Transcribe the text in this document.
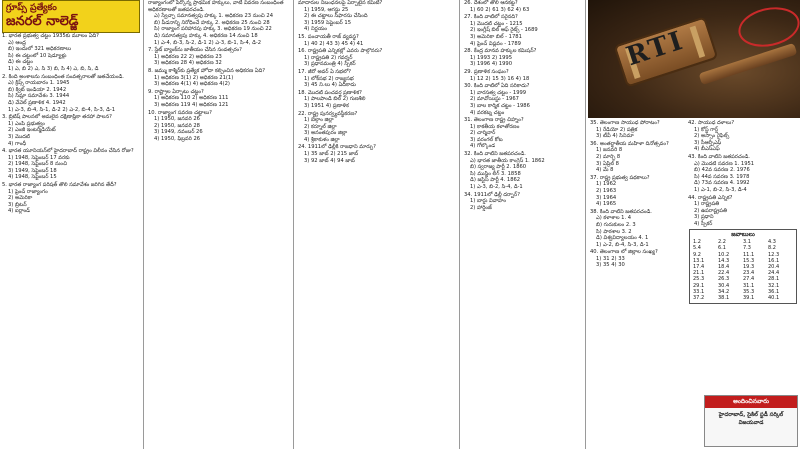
గ్రూప్స్ ప్రత్యేకం
జనరల్ నాలెడ్జ్
1. భారత ప్రభుత్వ చట్టం 1935కు మూలం ఏది?
ఎ) ఆంధ్ర
బి) ఇందులో 321 అధికరణాలు
సి) ఈ చట్టంలో 10 షెడ్యూళ్లు
డి) ఈ చట్టం
1) ఎ, బి 2) ఎ, సి 3) బి, సి 4) ఎ, బి, సి, డి
2. కింది అంశాలను సంబంధింత సంవత్సరాలతో జతచేయండి.
ఎ) క్రిప్స్ రాయబారం 1. 1945
బి) క్విట్ ఇండియా 2. 1942
సి) సిమ్లా సమావేశం 3. 1944
డి) వేవెల్ ప్రణాళిక 4. 1942
1) ఎ-3, బి-4, సి-1, డి-2 2) ఎ-2, బి-4, సి-3, డి-1
3. బ్రిటిష్ పాలనలో అమలైన దక్షిణాఫ్రికా తరహా పాలన?
1) ఎంపి ప్రభుత్వం
2) ఎంజీ ఇంటర్మీడియేట్
3) మొదటి
4) గాంధీ
4. భారత యూనియన్‌లో హైదరాబాద్ రాష్ట్రం విలీనం చేసిన రోజు?
1) 1948, సెప్టెంబర్ 17 వరకు
2) 1948, సెప్టెంబర్ 8 నుంచి
3) 1949, సెప్టెంబర్ 18
4) 1948, సెప్టెంబర్ 15
5. భారత రాజ్యాంగ పరిషత్ తొలి సమావేశం జరిగిన తేదీ?
1) ఫ్రెంచ్ రాజ్యాంగం
2) అమెరికా
3) బ్రిటన్
4) ఐర్లాండ్
రాజ్యాంగంలో పేర్కొన్న ప్రాథమిక హక్కులు, వాటి వివరణ సంబంధింత అధికరణాలతో జతపరచండి.
ఎ) స్వేచ్ఛా సమానత్వపు హక్కు 1. అధికరణ 23 నుంచి 24
బి) పీడనాన్ని నిరోధించే హక్కు 2. అధికరణ 25 నుంచి 28
సి) రాజ్యాంగ పరిహారపు హక్కు 3. అధికరణ 19 నుంచి 22
డి) సమానత్వపు హక్కు 4. అధికరణ 14 నుంచి 18
1) ఎ-4, బి-3, సి-2, డి-1 2) ఎ-3, బి-1, సి-4, డి-2
7. స్టేట్ బ్యాంక్‌ను జాతీయం చేసిన సంవత్సరం?
1) అధికరణ 22 2) అధికరణ 23
3) అధికరణ 28 4) అధికరణ 32
8. జమ్ము కాశ్మీర్‌కు ప్రత్యేక హోదా కల్పించిన అధికరణ ఏది?
1) అధికరణ 3(1) 2) అధికరణ 21(1)
3) అధికరణ 4(1) 4) అధికరణ 4(2)
9. రాష్ట్రాల ఏర్పాటు చట్టం?
1) అధికరణ 110 2) అధికరణ 111
3) అధికరణ 119 4) అధికరణ 121
10. రాజ్యాంగ సవరణ చట్టాలు?
1) 1950, జనవరి 26
2) 1950, జనవరి 28
3) 1949, నవంబర్ 26
4) 1950, ఫిబ్రవరి 26
మాదారుల నిబంధనలపై ఏర్పాటైన కమిటీ?
1) 1959, ఆగస్టు 25
2) ఈ చట్టాలు సిఫారసు చేసింది
3) 1959 సెప్టెంబర్ 15
4) నిర్ణయం
15. పంచాయతీ రాజ్ వ్యవస్థ?
1) 40 2) 43 3) 45 4) 41
16. రాష్ట్రపతి ఎన్నికల్లో ఎవరు పాల్గొనరు?
1) రాష్ట్రపతి 2) గవర్నర్
3) ప్రధానమంత్రి 4) స్పీకర్
17. జీరో అవర్ ఏ సభలో?
1) లోక్‌సభ 2) రాజ్యసభ
3) 45 ని.లు 4) ఏదీకాదు
18. మొదటి పంచవర్ష ప్రణాళిక?
1) పాలపాండి బిల్ 2) గుణశీలి
3) 1951 4) ప్రణాళిక
22. రాష్ట్ర పునర్వ్యవస్థీకరణ?
1) బెల్గాం జిల్లా
2) కర్నూల్ జిల్లా
3) అనంతపురం జిల్లా
4) శ్రీకాకుళం జిల్లా
24. 1911లో ఢిల్లీకి రాజధాని మార్పు?
1) 35 జాబ్ 2) 215 జాబ్
3) 92 జాబ్ 4) 94 జాబ్
26. దేశంలో తొలి ఆనకట్ట?
1) 60 2) 61 3) 62 4) 63
27. కింది వాటిలో సరైనది?
1) మొదటి చట్టం - 1215
2) ఇంగ్లీష్ బిల్ ఆఫ్ రైట్స్ - 1689
3) అమెరికా బిల్ - 1781
4) ఫ్రెంచ్ విప్లవం - 1789
28. కేంద్ర మానవ హక్కుల కమిషన్?
1) 1993 2) 1995
3) 1996 4) 1990
29. ప్రణాళిక సంఘం?
1) 12 2) 15 3) 16 4) 18
30. కింది వాటిలో ఏది సరికాదు?
1) వారసత్వ చట్టం - 1999
2) మావోయిస్టు - 1967
3) బాల కార్మిక చట్టం - 1986
4) వరకట్న చట్టం
31. తెలంగాణ రాష్ట్ర చిహ్నం?
1) కాకతీయ కళాతోరణం
2) చార్మినార్
3) వరంగల్ కోట
4) గోల్కొండ
32. కింది వాటిని జతపరచండి.
ఎ) భారత జాతీయ కాంగ్రెస్ 1. 1862
బి) స్వరాజ్య పార్టీ 2. 1860
సి) ముస్లిం లీగ్ 3. 1858
డి) జస్టిస్ పార్టీ 4. 1862
1) ఎ-3, బి-2, సి-4, డి-1
34. 1911లో ఢిల్లీ దర్బార్?
1) బార్డు వివాహం
2) హార్డింజ్
RTI
35. తెలంగాణ సాయుధ పోరాటం?
1) రేడియో 2) పత్రిక
3) టీవీ 4) సినిమా
36. అంతర్జాతీయ మహిళా దినోత్సవం?
1) జనవరి 8
2) మార్చి 8
3) ఏప్రిల్ 8
4) మే 8
37. రాష్ట్ర ప్రభుత్వ పథకాలు?
1) 1962
2) 1963
3) 1964
4) 1965
38. కింది వాటిని జతపరచండి.
ఎ) కళాశాల 1. 4
బి) గురుకులం 2. 3
సి) పాఠశాల 3. 2
డి) విశ్వవిద్యాలయం 4. 1
1) ఎ-2, బి-4, సి-3, డి-1
40. తెలంగాణ లో జిల్లాల సంఖ్య?
1) 31 2) 33
3) 35 4) 30
42. సాయుధ దళాలు?
1) కోస్ట్ గార్డ్
2) అస్సాం రైఫిల్స్
3) సీఆర్పీఎఫ్
4) బీఎస్ఎఫ్
43. కింది వాటిని జతపరచండి.
ఎ) మొదటి సవరణ 1. 1951
బి) 42వ సవరణ 2. 1976
సి) 44వ సవరణ 3. 1978
డి) 73వ సవరణ 4. 1992
1) ఎ-1, బి-2, సి-3, డి-4
44. రాష్ట్రపతి ఎన్నిక?
1) రాష్ట్రపతి
2) ఉపరాష్ట్రపతి
3) ప్రధాని
4) స్పీకర్
జవాబులు
1.2	2.2	3.1	4.3
5.4	6.1	7.3	8.2
9.2	10.2	11.1	12.3
13.1	14.3	15.3	16.1
17.4	18.4	19.3	20.4
21.1	22.4	23.4	24.4
25.3	26.3	27.4	28.1
29.1	30.4	31.1	32.1
33.1	34.2	35.3	36.1
37.2	38.1	39.1	40.1
అందించినవారు
హైదరాబాద్, సైకిల్ స్టడీ సర్కిల్
విజయవాడ
